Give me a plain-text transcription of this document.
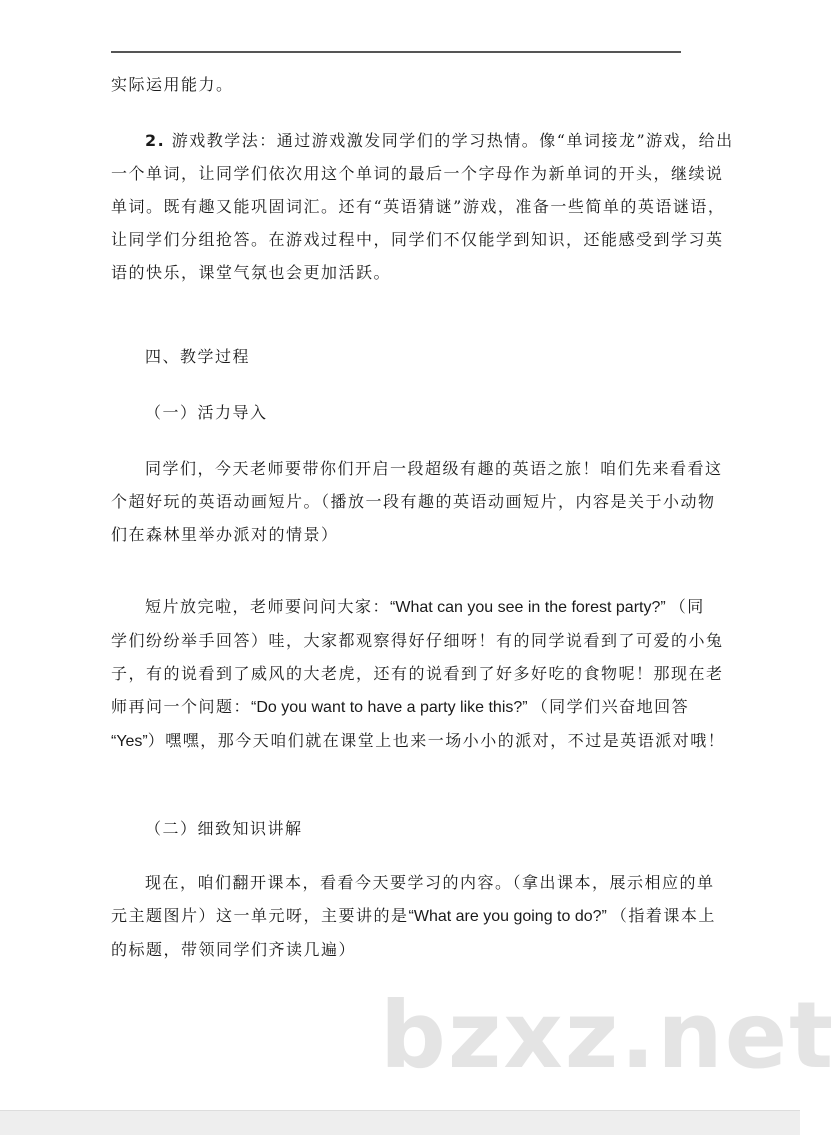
实际运用能力。
2. 游戏教学法：通过游戏激发同学们的学习热情。像“单词接龙”游戏，给出
一个单词，让同学们依次用这个单词的最后一个字母作为新单词的开头，继续说
单词。既有趣又能巩固词汇。还有“英语猜谜”游戏，准备一些简单的英语谜语，
让同学们分组抢答。在游戏过程中，同学们不仅能学到知识，还能感受到学习英
语的快乐，课堂气氛也会更加活跃。
四、教学过程
（一）活力导入
同学们，今天老师要带你们开启一段超级有趣的英语之旅！咱们先来看看这
个超好玩的英语动画短片。（播放一段有趣的英语动画短片，内容是关于小动物
们在森林里举办派对的情景）
短片放完啦，老师要问问大家：“What can you see in the forest party?” （同
学们纷纷举手回答）哇，大家都观察得好仔细呀！有的同学说看到了可爱的小兔
子，有的说看到了威风的大老虎，还有的说看到了好多好吃的食物呢！那现在老
师再问一个问题：“Do you want to have a party like this?” （同学们兴奋地回答
“Yes”）嘿嘿，那今天咱们就在课堂上也来一场小小的派对，不过是英语派对哦！
（二）细致知识讲解
现在，咱们翻开课本，看看今天要学习的内容。（拿出课本，展示相应的单
元主题图片）这一单元呀，主要讲的是“What are you going to do?” （指着课本上
的标题，带领同学们齐读几遍）
bzxz.net
